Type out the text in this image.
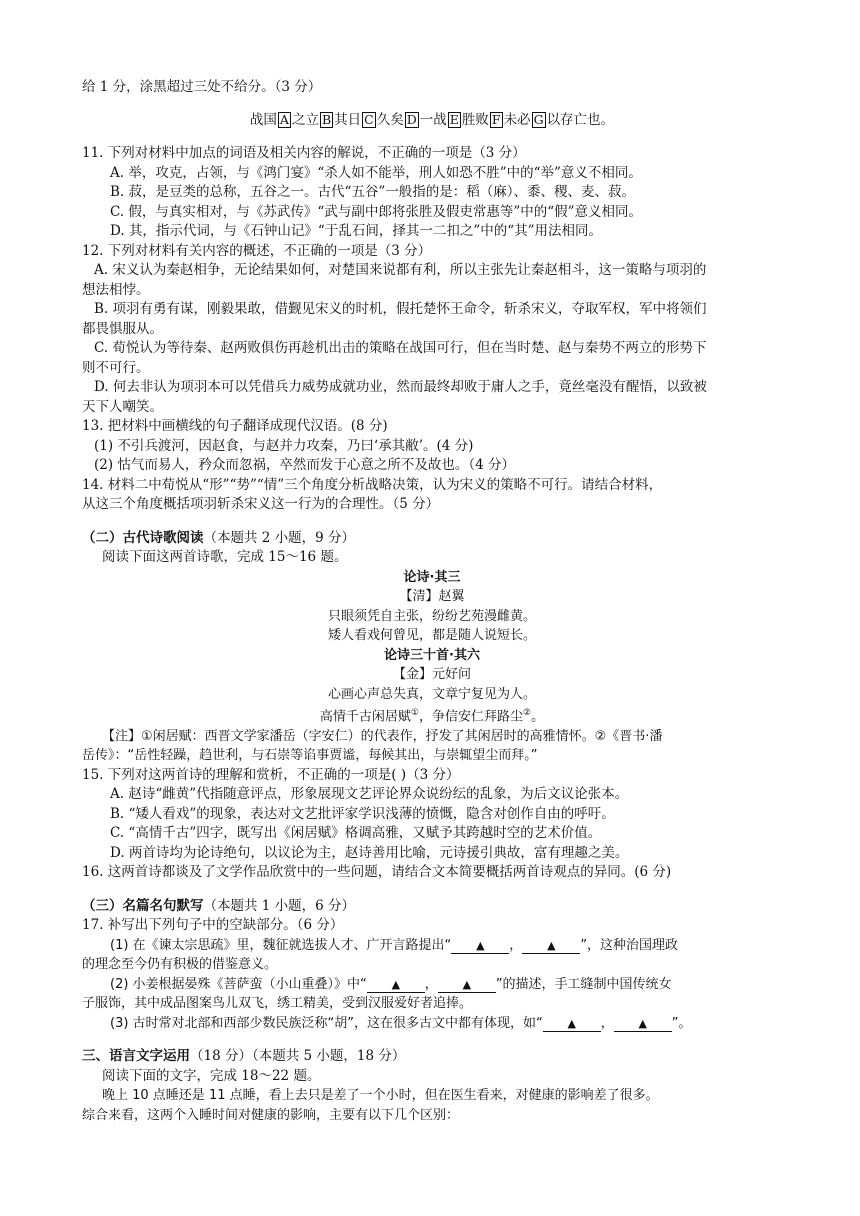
给 1 分，涂黑超过三处不给分。（3 分）

战国 A 之立 B 其日 C 久矣 D 一战 E 胜败 F 未必 G 以存亡也。

11. 下列对材料中加点的词语及相关内容的解说，不正确的一项是（3 分）

A. 举，攻克，占领，与《鸿门宴》“杀人如不能举，刑人如恐不胜”中的“举”意义不相同。

B. 菽，是豆类的总称，五谷之一。古代“五谷”一般指的是：稻（麻）、黍、稷、麦、菽。

C. 假，与真实相对，与《苏武传》“武与副中郎将张胜及假吏常惠等”中的“假”意义相同。

D. 其，指示代词，与《石钟山记》“于乱石间，择其一二扣之”中的“其”用法相同。

12. 下列对材料有关内容的概述，不正确的一项是（3 分）

A. 宋义认为秦赵相争，无论结果如何，对楚国来说都有利，所以主张先让秦赵相斗，这一策略与项羽的

想法相悖。

B. 项羽有勇有谋，刚毅果敢，借觐见宋义的时机，假托楚怀王命令，斩杀宋义，夺取军权，军中将领们

都畏惧服从。

C. 荀悦认为等待秦、赵两败俱伤再趁机出击的策略在战国可行，但在当时楚、赵与秦势不两立的形势下

则不可行。

D. 何去非认为项羽本可以凭借兵力威势成就功业，然而最终却败于庸人之手，竟丝毫没有醒悟，以致被

天下人嘲笑。

13. 把材料中画横线的句子翻译成现代汉语。(8 分)

(1) 不引兵渡河，因赵食，与赵并力攻秦，乃曰‘承其敝’。(4 分)

(2) 怙气而易人，矜众而忽祸，卒然而发于心意之所不及故也。（4 分）

14. 材料二中荀悦从“形”“势”“情”三个角度分析战略决策，认为宋义的策略不可行。请结合材料，

从这三个角度概括项羽斩杀宋义这一行为的合理性。（5 分）

（二）古代诗歌阅读（本题共 2 小题，9 分）

阅读下面这两首诗歌，完成 15～16 题。

论诗·其三

【清】赵翼

只眼须凭自主张，纷纷艺苑漫雌黄。

矮人看戏何曾见，都是随人说短长。

论诗三十首·其六

【金】元好问

心画心声总失真，文章宁复见为人。

高情千古闲居赋①，争信安仁拜路尘②。

【注】①闲居赋：西晋文学家潘岳（字安仁）的代表作，抒发了其闲居时的高雅情怀。②《晋书·潘

岳传》：“岳性轻躁，趋世利，与石崇等谄事贾谧，每候其出，与崇辄望尘而拜。”

15. 下列对这两首诗的理解和赏析，不正确的一项是( )（3 分）

A. 赵诗“雌黄”代指随意评点，形象展现文艺评论界众说纷纭的乱象，为后文议论张本。

B. “矮人看戏”的现象，表达对文艺批评家学识浅薄的愤慨，隐含对创作自由的呼吁。

C. “高情千古”四字，既写出《闲居赋》格调高雅，又赋予其跨越时空的艺术价值。

D. 两首诗均为论诗绝句，以议论为主，赵诗善用比喻，元诗援引典故，富有理趣之美。

16. 这两首诗都谈及了文学作品欣赏中的一些问题，请结合文本简要概括两首诗观点的异同。(6 分)

（三）名篇名句默写（本题共 1 小题，6 分）

17. 补写出下列句子中的空缺部分。（6 分）

(1) 在《谏太宗思疏》里，魏征就选拔人才、广开言路提出“ ▲ ， ▲ ”，这种治国理政

的理念至今仍有积极的借鉴意义。

(2) 小姜根据晏殊《菩萨蛮（小山重叠）》中“ ▲ ， ▲ ”的描述，手工缝制中国传统女

子服饰，其中成品图案鸟儿双飞，绣工精美，受到汉服爱好者追捧。

(3) 古时常对北部和西部少数民族泛称“胡”，这在很多古文中都有体现，如“ ▲ ， ▲ ”。

三、语言文字运用（18 分）（本题共 5 小题，18 分）

阅读下面的文字，完成 18～22 题。

晚上 10 点睡还是 11 点睡，看上去只是差了一个小时，但在医生看来，对健康的影响差了很多。

综合来看，这两个入睡时间对健康的影响，主要有以下几个区别：
